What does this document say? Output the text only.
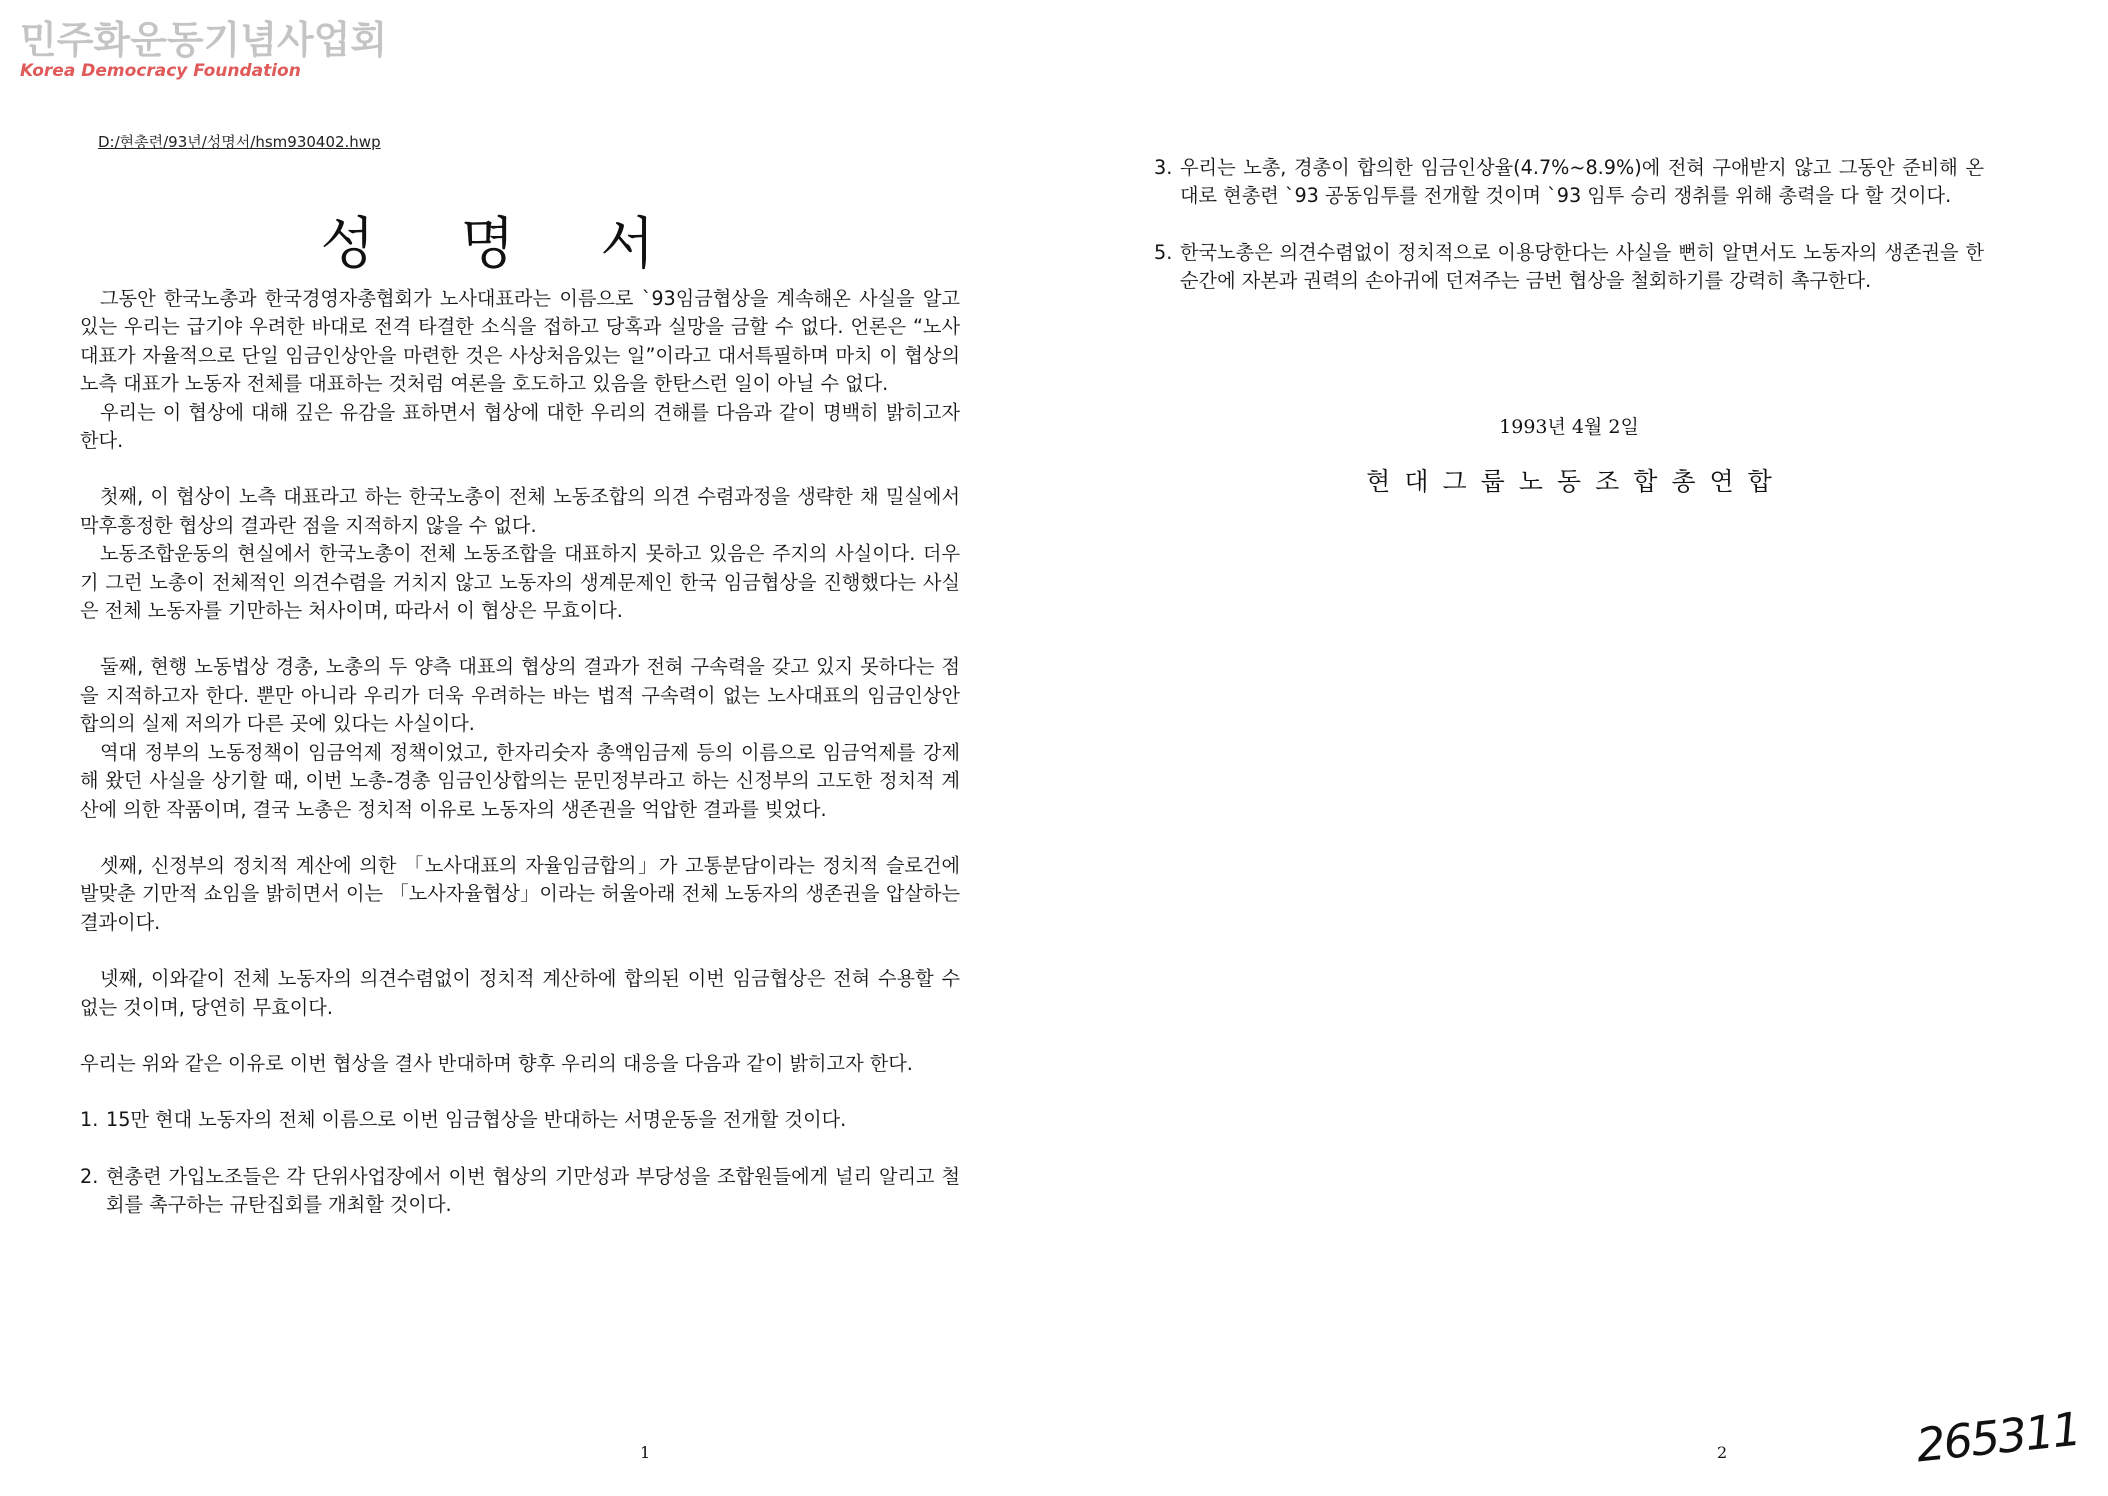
민주화운동기념사업회
Korea Democracy Foundation
D:/현총련/93년/성명서/hsm930402.hwp
성 명 서

그동안 한국노총과 한국경영자총협회가 노사대표라는 이름으로 `93임금협상을 계속해온 사실을 알고 있는 우리는 급기야 우려한 바대로 전격 타결한 소식을 접하고 당혹과 실망을 금할 수 없다. 언론은 “노사대표가 자율적으로 단일 임금인상안을 마련한 것은 사상처음있는 일”이라고 대서특필하며 마치 이 협상의 노측 대표가 노동자 전체를 대표하는 것처럼 여론을 호도하고 있음을 한탄스런 일이 아닐 수 없다.

우리는 이 협상에 대해 깊은 유감을 표하면서 협상에 대한 우리의 견해를 다음과 같이 명백히 밝히고자 한다.

첫째, 이 협상이 노측 대표라고 하는 한국노총이 전체 노동조합의 의견 수렴과정을 생략한 채 밀실에서 막후흥정한 협상의 결과란 점을 지적하지 않을 수 없다.

노동조합운동의 현실에서 한국노총이 전체 노동조합을 대표하지 못하고 있음은 주지의 사실이다. 더우기 그런 노총이 전체적인 의견수렴을 거치지 않고 노동자의 생계문제인 한국 임금협상을 진행했다는 사실은 전체 노동자를 기만하는 처사이며, 따라서 이 협상은 무효이다.

둘째, 현행 노동법상 경총, 노총의 두 양측 대표의 협상의 결과가 전혀 구속력을 갖고 있지 못하다는 점을 지적하고자 한다. 뿐만 아니라 우리가 더욱 우려하는 바는 법적 구속력이 없는 노사대표의 임금인상안 합의의 실제 저의가 다른 곳에 있다는 사실이다.

역대 정부의 노동정책이 임금억제 정책이었고, 한자리숫자 총액임금제 등의 이름으로 임금억제를 강제해 왔던 사실을 상기할 때, 이번 노총-경총 임금인상합의는 문민정부라고 하는 신정부의 고도한 정치적 계산에 의한 작품이며, 결국 노총은 정치적 이유로 노동자의 생존권을 억압한 결과를 빚었다.

셋째, 신정부의 정치적 계산에 의한 「노사대표의 자율임금합의」가 고통분담이라는 정치적 슬로건에 발맞춘 기만적 쇼임을 밝히면서 이는 「노사자율협상」이라는 허울아래 전체 노동자의 생존권을 압살하는 결과이다.

넷째, 이와같이 전체 노동자의 의견수렴없이 정치적 계산하에 합의된 이번 임금협상은 전혀 수용할 수 없는 것이며, 당연히 무효이다.

우리는 위와 같은 이유로 이번 협상을 결사 반대하며 향후 우리의 대응을 다음과 같이 밝히고자 한다.

1. 15만 현대 노동자의 전체 이름으로 이번 임금협상을 반대하는 서명운동을 전개할 것이다.
2. 현총련 가입노조들은 각 단위사업장에서 이번 협상의 기만성과 부당성을 조합원들에게 널리 알리고 철회를 촉구하는 규탄집회를 개최할 것이다.
3. 우리는 노총, 경총이 합의한 임금인상율(4.7%~8.9%)에 전혀 구애받지 않고 그동안 준비해 온대로 현총련 `93 공동임투를 전개할 것이며 `93 임투 승리 쟁취를 위해 총력을 다 할 것이다.
5. 한국노총은 의견수렴없이 정치적으로 이용당한다는 사실을 뻔히 알면서도 노동자의 생존권을 한순간에 자본과 권력의 손아귀에 던져주는 금번 협상을 철회하기를 강력히 촉구한다.
1993년 4월 2일
현대그룹노동조합총연합
1	2	265311
